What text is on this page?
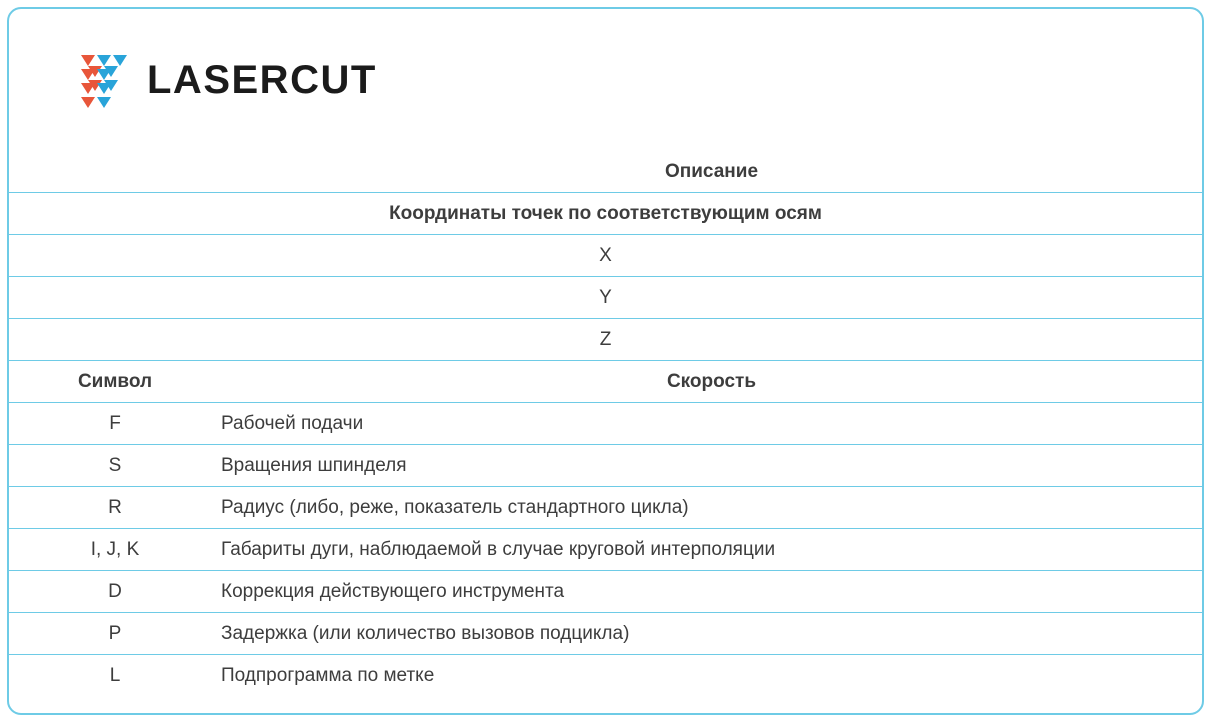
LASERCUT
	Описание
Координаты точек по соответствующим осям	
X	
Y	
Z	
Символ	Скорость
F	Рабочей подачи
S	Вращения шпинделя
R	Радиус (либо, реже, показатель стандартного цикла)
I, J, K	Габариты дуги, наблюдаемой в случае круговой интерполяции
D	Коррекция действующего инструмента
P	Задержка (или количество вызовов подцикла)
L	Подпрограмма по метке
